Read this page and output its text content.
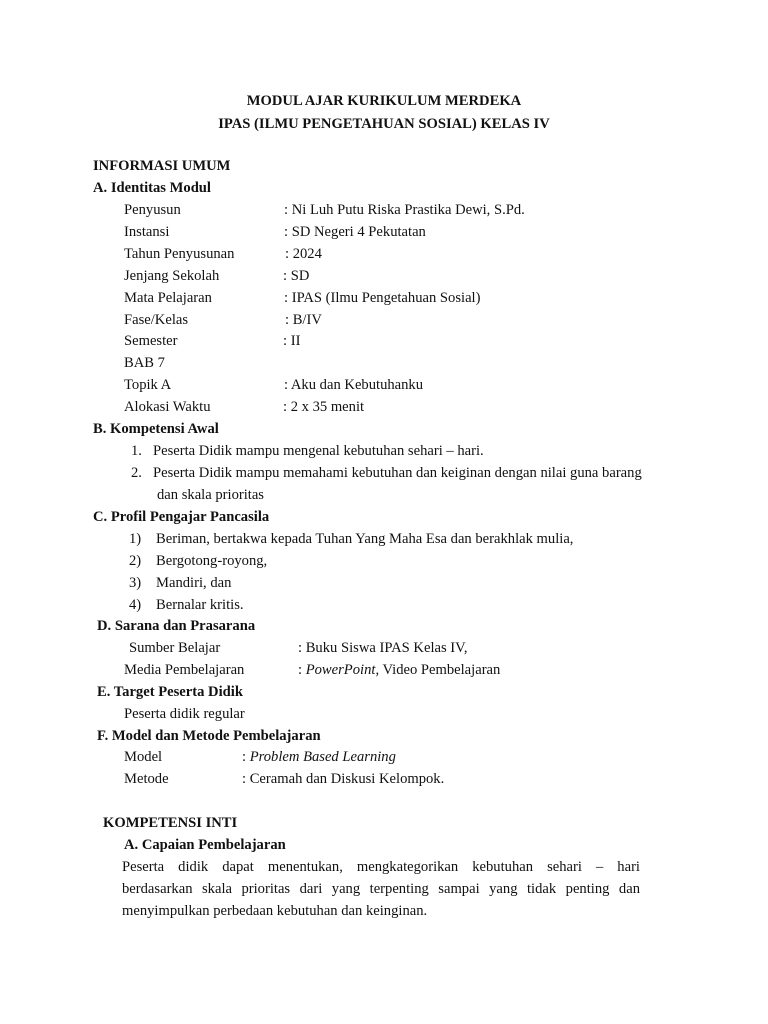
MODUL AJAR KURIKULUM MERDEKA
IPAS (ILMU PENGETAHUAN SOSIAL) KELAS IV
INFORMASI UMUM
A. Identitas Modul
Penyusun	: Ni Luh Putu Riska Prastika Dewi, S.Pd.
Instansi	: SD Negeri 4 Pekutatan
Tahun Penyusunan	: 2024
Jenjang Sekolah	: SD
Mata Pelajaran	: IPAS (Ilmu Pengetahuan Sosial)
Fase/Kelas	: B/IV
Semester	: II
BAB 7
Topik A	: Aku dan Kebutuhanku
Alokasi Waktu	: 2 x 35 menit
B. Kompetensi Awal
1. Peserta Didik mampu mengenal kebutuhan sehari – hari.
2. Peserta Didik mampu memahami kebutuhan dan keiginan dengan nilai guna barang
dan skala prioritas
C. Profil Pengajar Pancasila
1) Beriman, bertakwa kepada Tuhan Yang Maha Esa dan berakhlak mulia,
2) Bergotong-royong,
3) Mandiri, dan
4) Bernalar kritis.
D. Sarana dan Prasarana
Sumber Belajar	: Buku Siswa IPAS Kelas IV,
Media Pembelajaran	: PowerPoint, Video Pembelajaran
E. Target Peserta Didik
Peserta didik regular
F. Model dan Metode Pembelajaran
Model	: Problem Based Learning
Metode	: Ceramah dan Diskusi Kelompok.
KOMPETENSI INTI
A. Capaian Pembelajaran
Peserta didik dapat menentukan, mengkategorikan kebutuhan sehari – hari
berdasarkan skala prioritas dari yang terpenting sampai yang tidak penting dan
menyimpulkan perbedaan kebutuhan dan keinginan.
